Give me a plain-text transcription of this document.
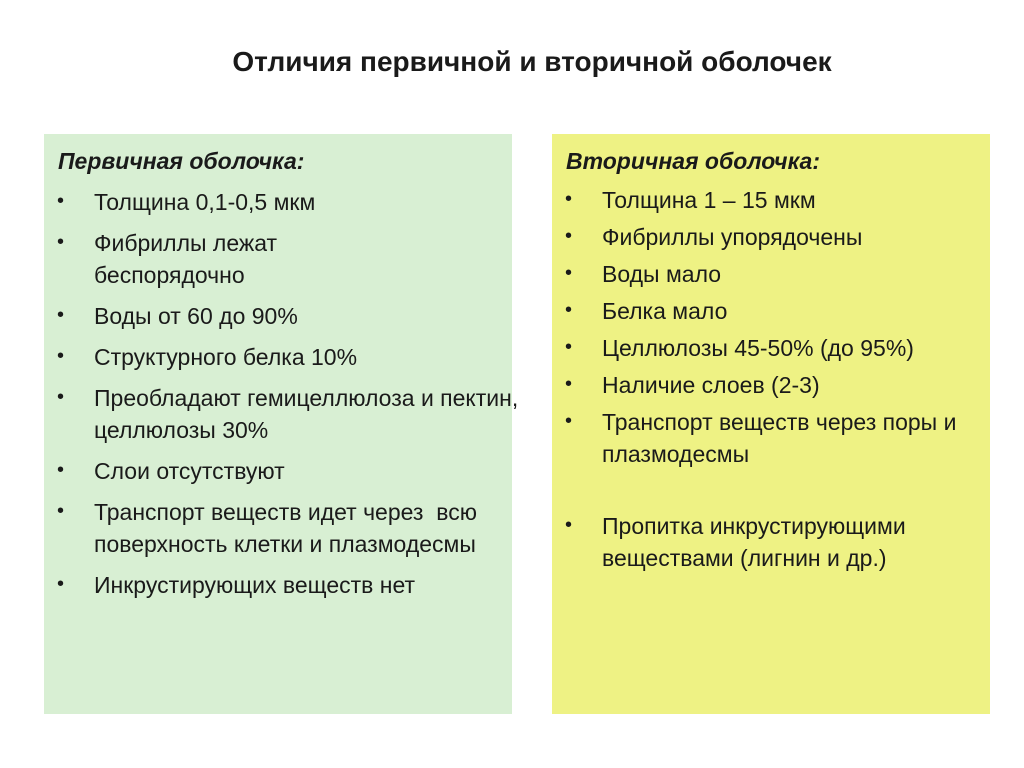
Отличия первичной и вторичной оболочек
Первичная оболочка:
• Толщина 0,1-0,5 мкм
• Фибриллы лежат беспорядочно
• Воды от 60 до 90%
• Структурного белка 10%
• Преобладают гемицеллюлоза и пектин, целлюлозы 30%
• Слои отсутствуют
• Транспорт веществ идет через  всю поверхность клетки и плазмодесмы
• Инкрустирующих веществ нет
Вторичная оболочка:
• Толщина 1 – 15 мкм
• Фибриллы упорядочены
• Воды мало
• Белка мало
• Целлюлозы 45-50% (до 95%)
• Наличие слоев (2-3)
• Транспорт веществ через поры и плазмодесмы
• Пропитка инкрустирующими веществами (лигнин и др.)
